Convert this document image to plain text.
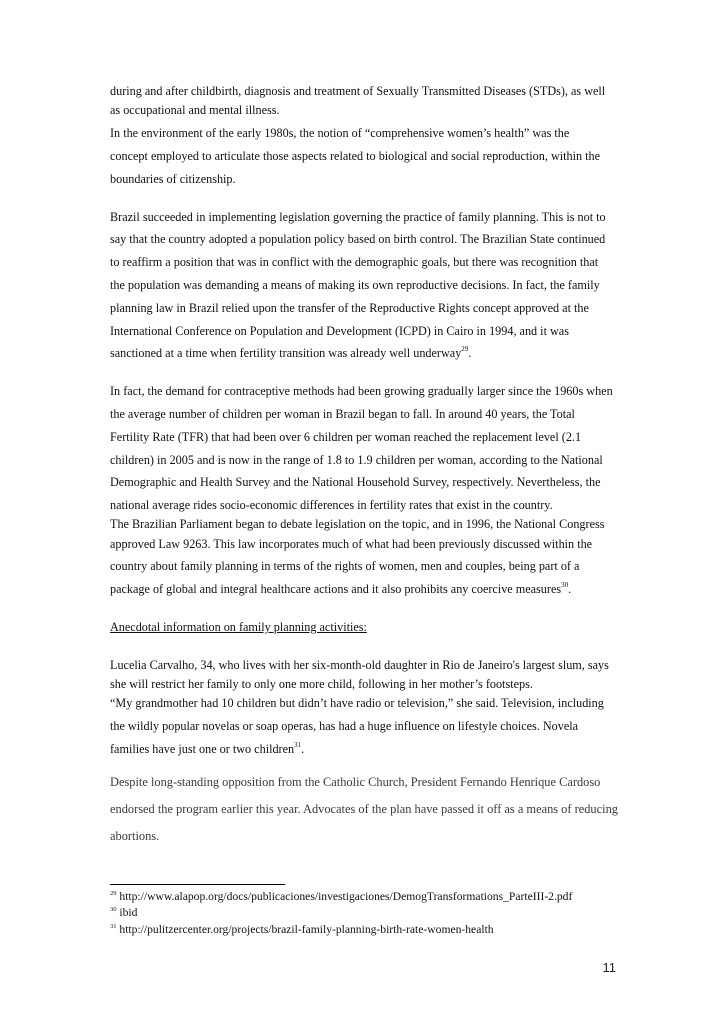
during and after childbirth, diagnosis and treatment of Sexually Transmitted Diseases (STDs), as well
as occupational and mental illness.
In the environment of the early 1980s, the notion of “comprehensive women’s health” was the
concept employed to articulate those aspects related to biological and social reproduction, within the
boundaries of citizenship.
Brazil succeeded in implementing legislation governing the practice of family planning. This is not to
say that the country adopted a population policy based on birth control. The Brazilian State continued
to reaffirm a position that was in conflict with the demographic goals, but there was recognition that
the population was demanding a means of making its own reproductive decisions. In fact, the family
planning law in Brazil relied upon the transfer of the Reproductive Rights concept approved at the
International Conference on Population and Development (ICPD) in Cairo in 1994, and it was
sanctioned at a time when fertility transition was already well underway$^{29}$.
In fact, the demand for contraceptive methods had been growing gradually larger since the 1960s when
the average number of children per woman in Brazil began to fall. In around 40 years, the Total
Fertility Rate (TFR) that had been over 6 children per woman reached the replacement level (2.1
children) in 2005 and is now in the range of 1.8 to 1.9 children per woman, according to the National
Demographic and Health Survey and the National Household Survey, respectively. Nevertheless, the
national average rides socio-economic differences in fertility rates that exist in the country.
The Brazilian Parliament began to debate legislation on the topic, and in 1996, the National Congress
approved Law 9263. This law incorporates much of what had been previously discussed within the
country about family planning in terms of the rights of women, men and couples, being part of a
package of global and integral healthcare actions and it also prohibits any coercive measures$^{30}$.
Anecdotal information on family planning activities:
Lucelia Carvalho, 34, who lives with her six-month-old daughter in Rio de Janeiro's largest slum, says
she will restrict her family to only one more child, following in her mother’s footsteps.
“My grandmother had 10 children but didn’t have radio or television,” she said. Television, including
the wildly popular novelas or soap operas, has had a huge influence on lifestyle choices. Novela
families have just one or two children$^{31}$.
Despite long-standing opposition from the Catholic Church, President Fernando Henrique Cardoso
endorsed the program earlier this year. Advocates of the plan have passed it off as a means of reducing
abortions.
$^{29}$ http://www.alapop.org/docs/publicaciones/investigaciones/DemogTransformations_ParteIII-2.pdf
$^{30}$ ibid
$^{31}$ http://pulitzercenter.org/projects/brazil-family-planning-birth-rate-women-health
11
